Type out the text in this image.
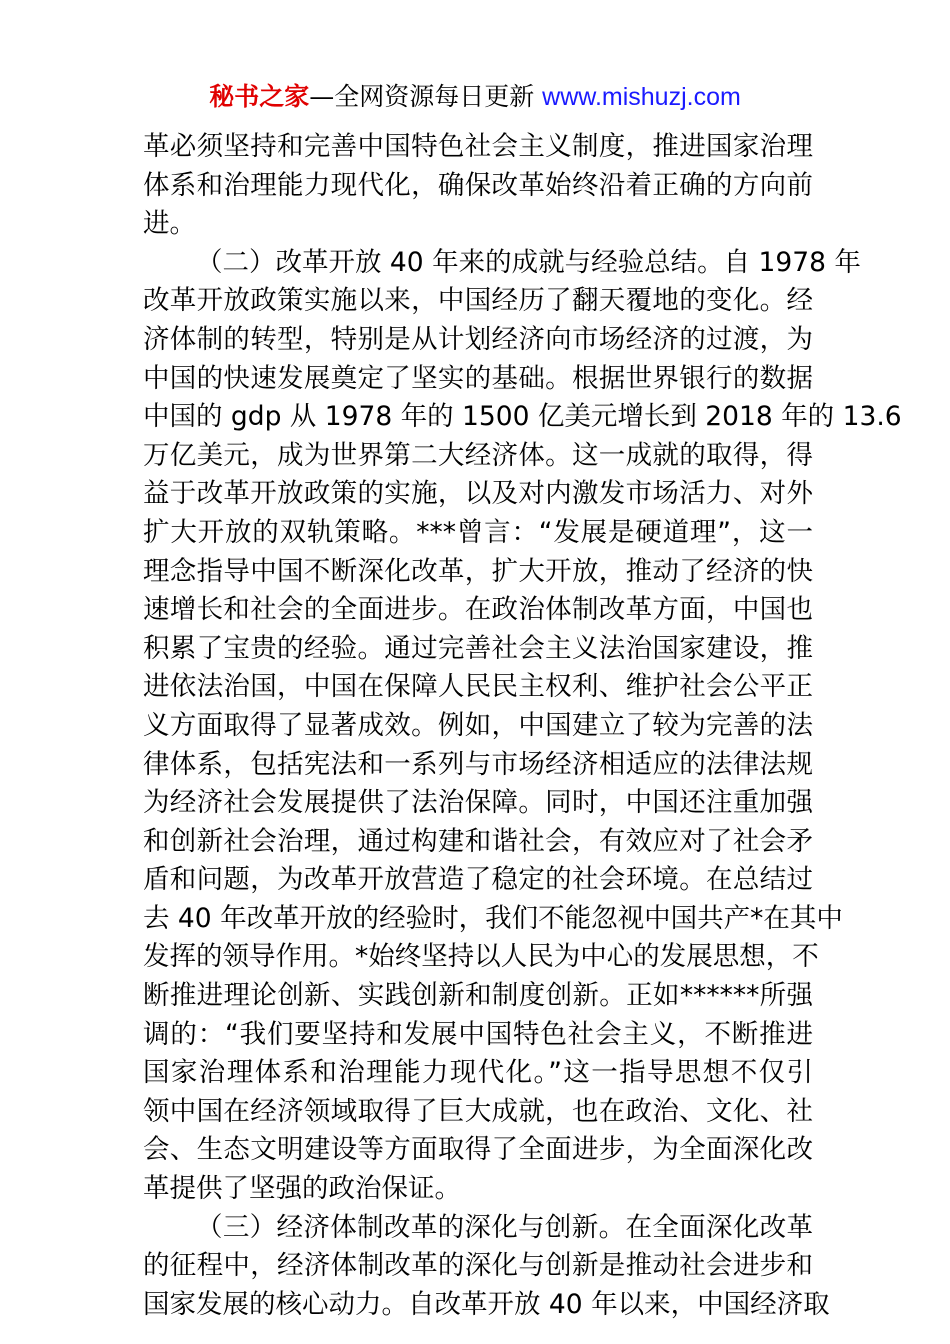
秘书之家—全网资源每日更新 www.mishuzj.com
革必须坚持和完善中国特色社会主义制度，推进国家治理
体系和治理能力现代化，确保改革始终沿着正确的方向前
进。
（二）改革开放 40 年来的成就与经验总结。自 1978 年
改革开放政策实施以来，中国经历了翻天覆地的变化。经
济体制的转型，特别是从计划经济向市场经济的过渡，为
中国的快速发展奠定了坚实的基础。根据世界银行的数据
中国的 gdp 从 1978 年的 1500 亿美元增长到 2018 年的 13.6
万亿美元，成为世界第二大经济体。这一成就的取得，得
益于改革开放政策的实施，以及对内激发市场活力、对外
扩大开放的双轨策略。***曾言：“发展是硬道理”，这一
理念指导中国不断深化改革，扩大开放，推动了经济的快
速增长和社会的全面进步。在政治体制改革方面，中国也
积累了宝贵的经验。通过完善社会主义法治国家建设，推
进依法治国，中国在保障人民民主权利、维护社会公平正
义方面取得了显著成效。例如，中国建立了较为完善的法
律体系，包括宪法和一系列与市场经济相适应的法律法规
为经济社会发展提供了法治保障。同时，中国还注重加强
和创新社会治理，通过构建和谐社会，有效应对了社会矛
盾和问题，为改革开放营造了稳定的社会环境。在总结过
去 40 年改革开放的经验时，我们不能忽视中国共产*在其中
发挥的领导作用。*始终坚持以人民为中心的发展思想，不
断推进理论创新、实践创新和制度创新。正如******所强
调的：“我们要坚持和发展中国特色社会主义，不断推进
国家治理体系和治理能力现代化。”这一指导思想不仅引
领中国在经济领域取得了巨大成就，也在政治、文化、社
会、生态文明建设等方面取得了全面进步，为全面深化改
革提供了坚强的政治保证。
（三）经济体制改革的深化与创新。在全面深化改革
的征程中，经济体制改革的深化与创新是推动社会进步和
国家发展的核心动力。自改革开放 40 年以来，中国经济取
